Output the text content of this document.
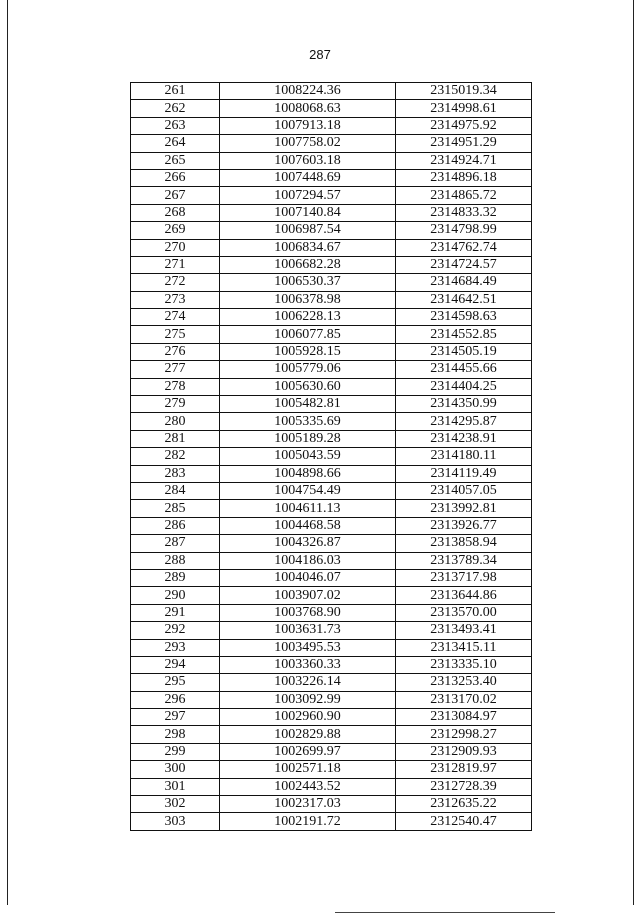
287
261	1008224.36	2315019.34
262	1008068.63	2314998.61
263	1007913.18	2314975.92
264	1007758.02	2314951.29
265	1007603.18	2314924.71
266	1007448.69	2314896.18
267	1007294.57	2314865.72
268	1007140.84	2314833.32
269	1006987.54	2314798.99
270	1006834.67	2314762.74
271	1006682.28	2314724.57
272	1006530.37	2314684.49
273	1006378.98	2314642.51
274	1006228.13	2314598.63
275	1006077.85	2314552.85
276	1005928.15	2314505.19
277	1005779.06	2314455.66
278	1005630.60	2314404.25
279	1005482.81	2314350.99
280	1005335.69	2314295.87
281	1005189.28	2314238.91
282	1005043.59	2314180.11
283	1004898.66	2314119.49
284	1004754.49	2314057.05
285	1004611.13	2313992.81
286	1004468.58	2313926.77
287	1004326.87	2313858.94
288	1004186.03	2313789.34
289	1004046.07	2313717.98
290	1003907.02	2313644.86
291	1003768.90	2313570.00
292	1003631.73	2313493.41
293	1003495.53	2313415.11
294	1003360.33	2313335.10
295	1003226.14	2313253.40
296	1003092.99	2313170.02
297	1002960.90	2313084.97
298	1002829.88	2312998.27
299	1002699.97	2312909.93
300	1002571.18	2312819.97
301	1002443.52	2312728.39
302	1002317.03	2312635.22
303	1002191.72	2312540.47
